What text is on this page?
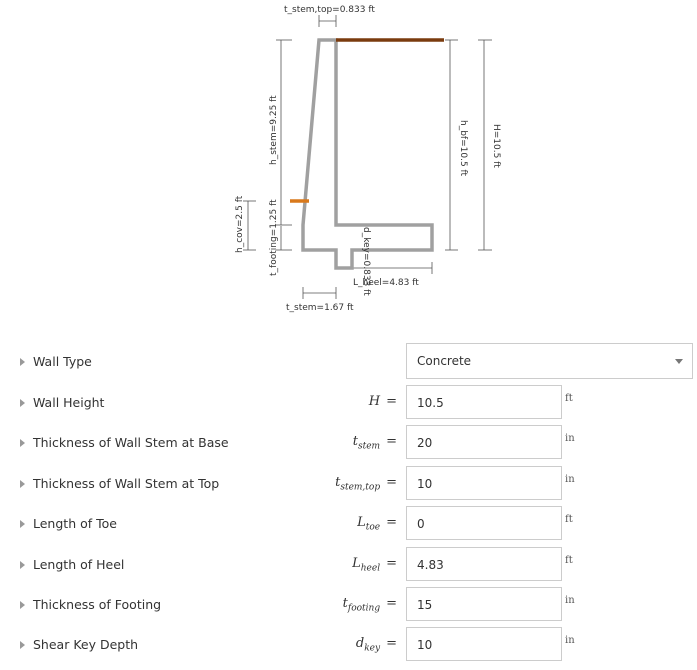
t_stem,top=0.833 ft
h_stem=9.25 ft
h_cov=2.5 ft	t_footing=1.25 ft	d_key=0.833 ft
L_heel=4.83 ft
t_stem=1.67 ft
h_bf=10.5 ft	H=10.5 ft
Wall Type	Concrete
Wall Height	H =	10.5	ft
Thickness of Wall Stem at Base	$t_{stem}$ =	20	in
Thickness of Wall Stem at Top	$t_{stem,top}$ =	10	in
Length of Toe	$L_{toe}$ =	0	ft
Length of Heel	$L_{heel}$ =	4.83	ft
Thickness of Footing	$t_{footing}$ =	15	in
Shear Key Depth	$d_{key}$ =	10	in
